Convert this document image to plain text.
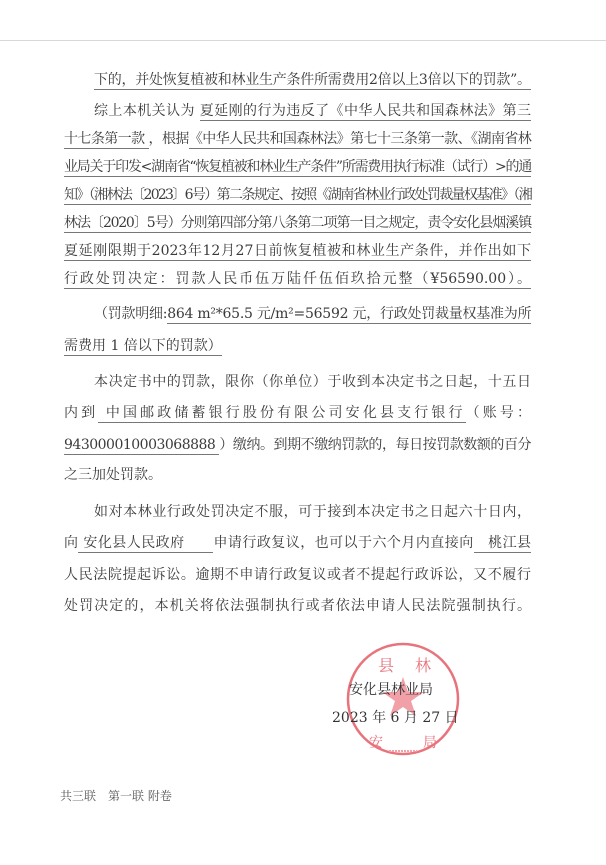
下的，并处恢复植被和林业生产条件所需费用2倍以上3倍以下的罚款”。
综上本机关认为 夏延刚的行为违反了《中华人民共和国森林法》第三
十七条第一款 ，根据《中华人民共和国森林法》第七十三条第一款、《湖南省林
业局关于印发<湖南省“恢复植被和林业生产条件”所需费用执行标准（试行）>的通
知》（湘林法〔2023〕6号）第二条规定、按照《湖南省林业行政处罚裁量权基准》（湘
林法〔2020〕5号）分则第四部分第八条第二项第一目之规定，责令安化县烟溪镇
夏延刚限期于2023年12月27日前恢复植被和林业生产条件，并作出如下
行政处罚决定：罚款人民币伍万陆仟伍佰玖拾元整（¥56590.00）。
（罚款明细:864 m²*65.5 元/m²=56592 元，行政处罚裁量权基准为所
需费用 1 倍以下的罚款）
本决定书中的罚款，限你（你单位）于收到本决定书之日起，十五日
内到 中国邮政储蓄银行股份有限公司安化县支行银行（账号：
943000010003068888 ）缴纳。到期不缴纳罚款的，每日按罚款数额的百分
之三加处罚款。
如对本林业行政处罚决定不服，可于接到本决定书之日起六十日内，
向 安化县人民政府　　申请行政复议，也可以于六个月内直接向　桃江县
人民法院提起诉讼。逾期不申请行政复议或者不提起行政诉讼，又不履行
处罚决定的，本机关将依法强制执行或者依法申请人民法院强制执行。
县 林
安	局
安化县林业局
2023 年 6 月 27 日
共三联　第一联 附卷
